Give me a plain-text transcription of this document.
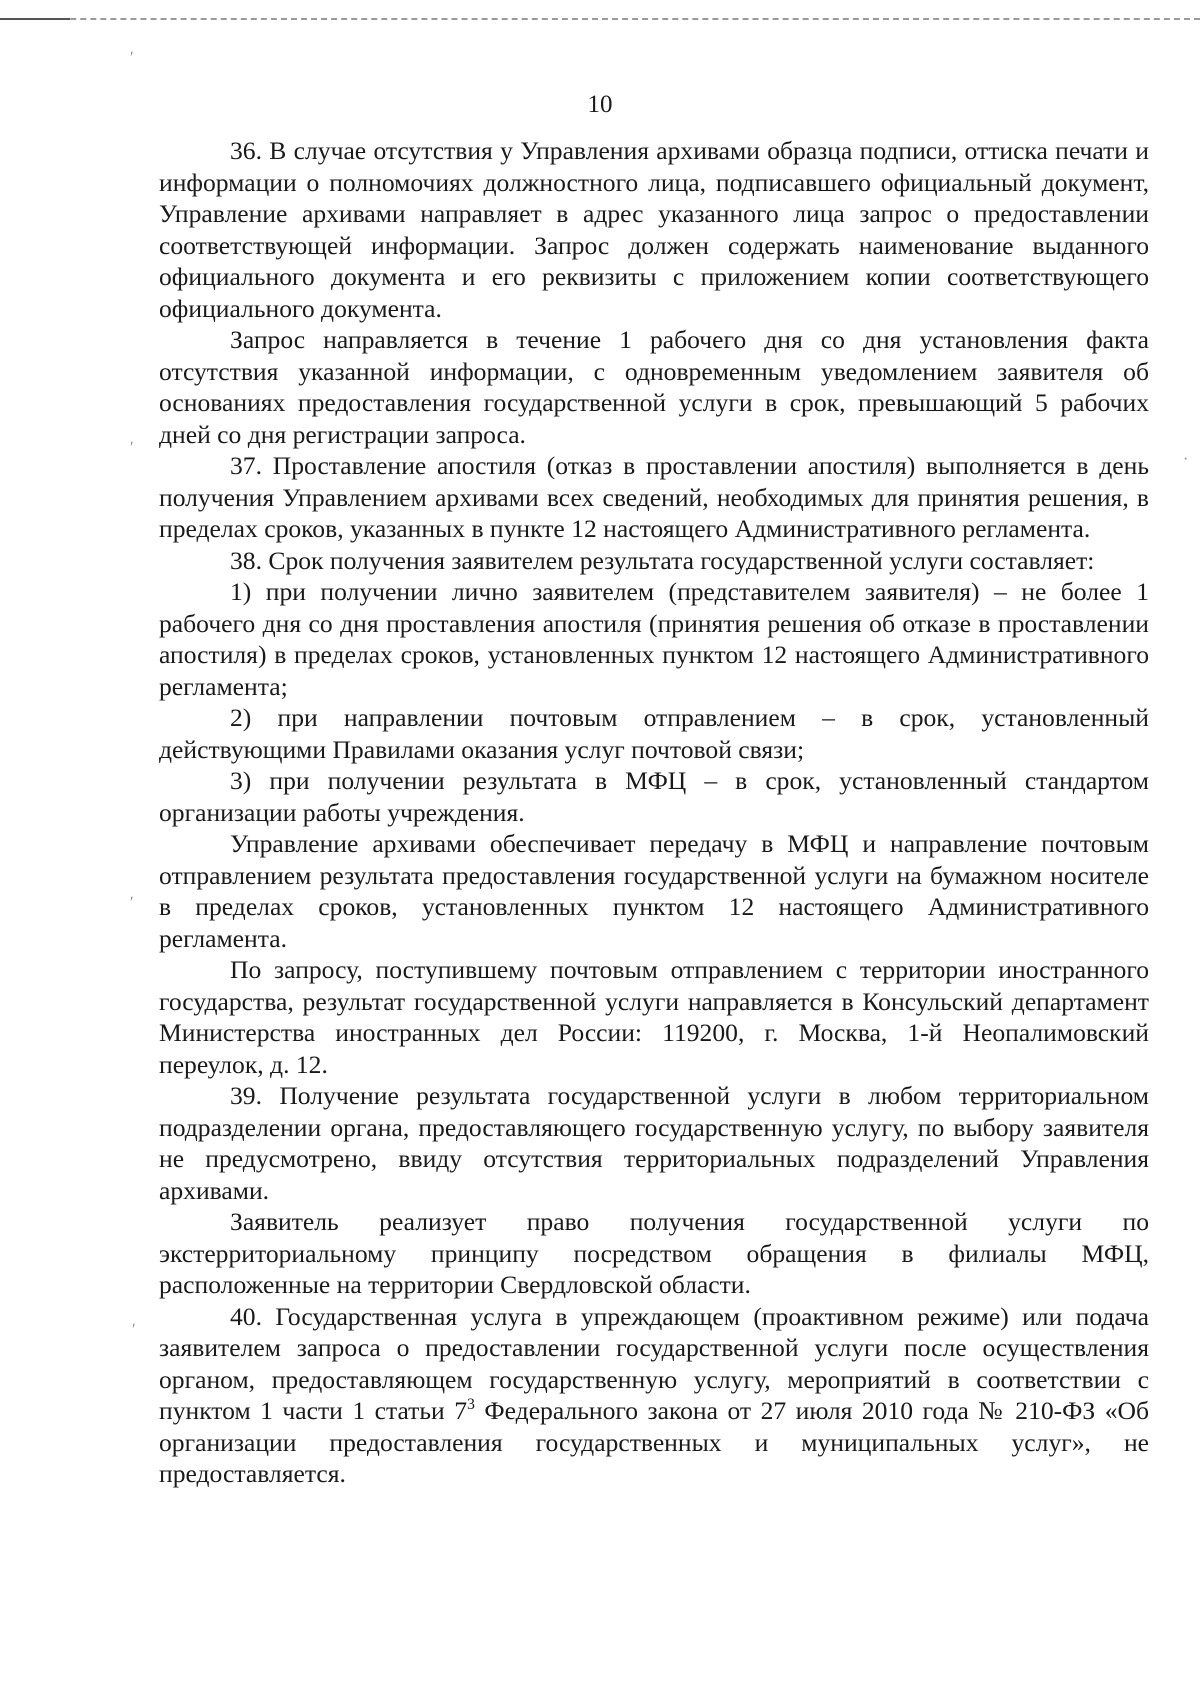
ʹ
ʹ
·
ʹ
ʹ
10

36. В случае отсутствия у Управления архивами образца подписи, оттиска печати и информации о полномочиях должностного лица, подписавшего официальный документ, Управление архивами направляет в адрес указанного лица запрос о предоставлении соответствующей информации. Запрос должен содержать наименование выданного официального документа и его реквизиты с приложением копии соответствующего официального документа.

Запрос направляется в течение 1 рабочего дня со дня установления факта отсутствия указанной информации, с одновременным уведомлением заявителя об основаниях предоставления государственной услуги в срок, превышающий 5 рабочих дней со дня регистрации запроса.

37. Проставление апостиля (отказ в проставлении апостиля) выполняется в день получения Управлением архивами всех сведений, необходимых для принятия решения, в пределах сроков, указанных в пункте 12 настоящего Административного регламента.

38. Срок получения заявителем результата государственной услуги составляет:

1) при получении лично заявителем (представителем заявителя) – не более 1 рабочего дня со дня проставления апостиля (принятия решения об отказе в проставлении апостиля) в пределах сроков, установленных пунктом 12 настоящего Административного регламента;

2) при направлении почтовым отправлением – в срок, установленный действующими Правилами оказания услуг почтовой связи;

3) при получении результата в МФЦ – в срок, установленный стандартом организации работы учреждения.

Управление архивами обеспечивает передачу в МФЦ и направление почтовым отправлением результата предоставления государственной услуги на бумажном носителе в пределах сроков, установленных пунктом 12 настоящего Административного регламента.

По запросу, поступившему почтовым отправлением с территории иностранного государства, результат государственной услуги направляется в Консульский департамент Министерства иностранных дел России: 119200, г. Москва, 1-й Неопалимовский переулок, д. 12.

39. Получение результата государственной услуги в любом территориальном подразделении органа, предоставляющего государственную услугу, по выбору заявителя не предусмотрено, ввиду отсутствия территориальных подразделений Управления архивами.

Заявитель реализует право получения государственной услуги по экстерриториальному принципу посредством обращения в филиалы МФЦ, расположенные на территории Свердловской области.

40. Государственная услуга в упреждающем (проактивном режиме) или подача заявителем запроса о предоставлении государственной услуги после осуществления органом, предоставляющем государственную услугу, мероприятий в соответствии с пунктом 1 части 1 статьи $7^3$ Федерального закона от 27 июля 2010 года № 210-ФЗ «Об организации предоставления государственных и муниципальных услуг», не предоставляется.
